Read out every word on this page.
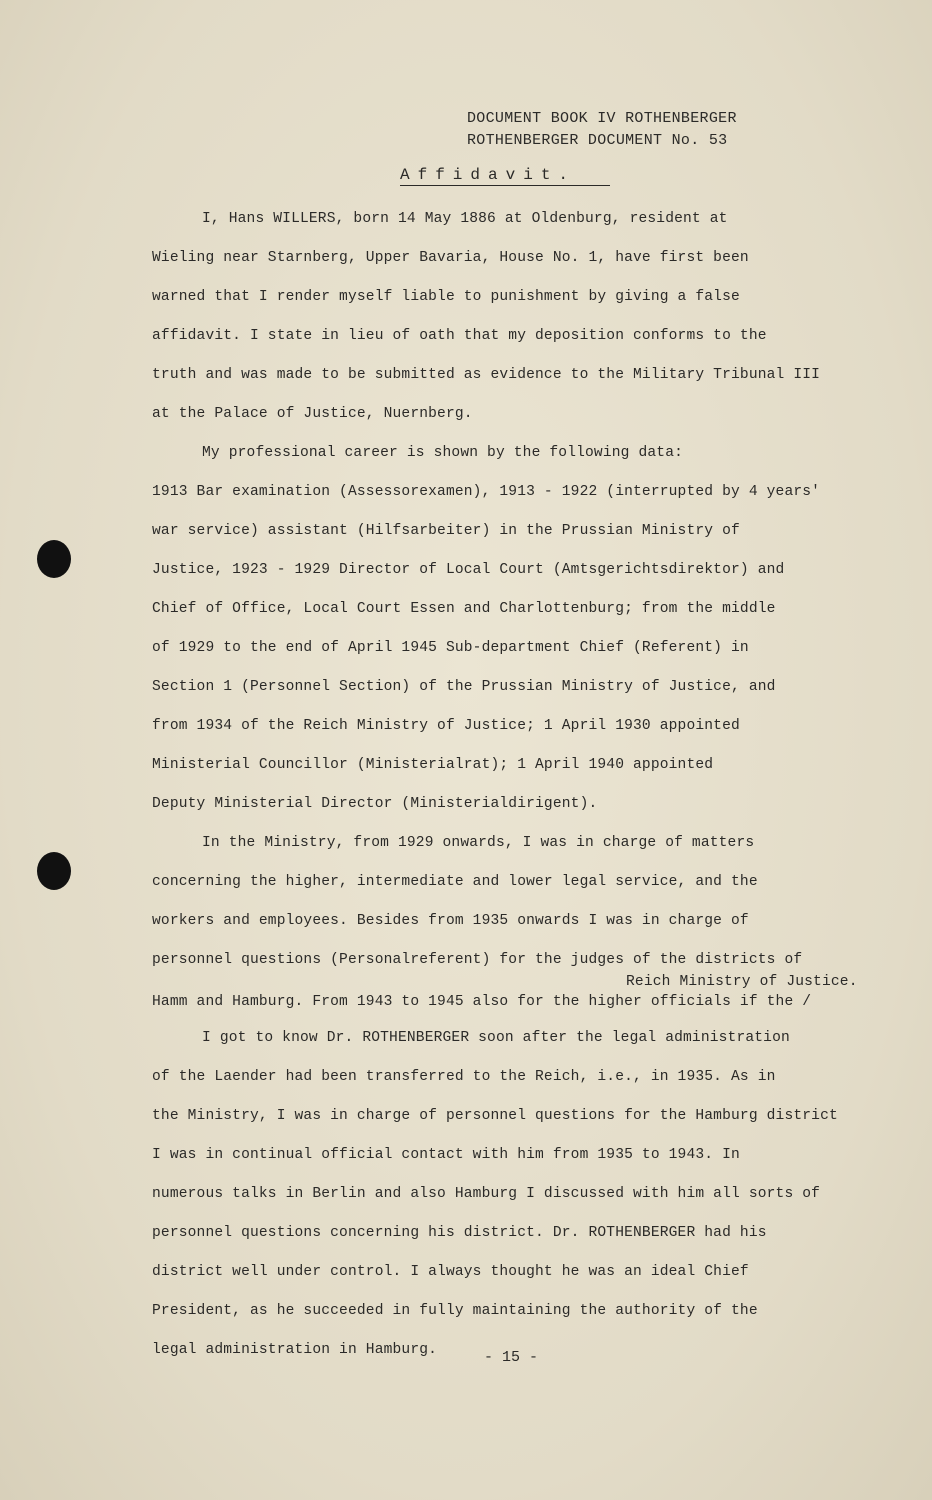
DOCUMENT BOOK IV ROTHENBERGER
ROTHENBERGER DOCUMENT No. 53
Affidavit.
I, Hans WILLERS, born 14 May 1886 at Oldenburg, resident at
Wieling near Starnberg, Upper Bavaria, House No. 1, have first been
warned that I render myself liable to punishment by giving a false
affidavit. I state in lieu of oath that my deposition conforms to the
truth and was made to be submitted as evidence to the Military Tribunal III
at the Palace of Justice, Nuernberg.
My professional career is shown by the following data:
1913 Bar examination (Assessorexamen), 1913 - 1922 (interrupted by 4 years'
war service) assistant (Hilfsarbeiter) in the Prussian Ministry of
Justice, 1923 - 1929 Director of Local Court (Amtsgerichtsdirektor) and
Chief of Office, Local Court Essen and Charlottenburg; from the middle
of 1929 to the end of April 1945 Sub-department Chief (Referent) in
Section 1 (Personnel Section) of the Prussian Ministry of Justice, and
from 1934 of the Reich Ministry of Justice; 1 April 1930 appointed
Ministerial Councillor (Ministerialrat); 1 April 1940 appointed
Deputy Ministerial Director (Ministerialdirigent).
In the Ministry, from 1929 onwards, I was in charge of matters
concerning the higher, intermediate and lower legal service, and the
workers and employees. Besides from 1935 onwards I was in charge of
personnel questions (Personalreferent) for the judges of the districts of
Reich Ministry of Justice.
Hamm and Hamburg. From 1943 to 1945 also for the higher officials if the /
I got to know Dr. ROTHENBERGER soon after the legal administration
of the Laender had been transferred to the Reich, i.e., in 1935. As in
the Ministry, I was in charge of personnel questions for the Hamburg district
I was in continual official contact with him from 1935 to 1943. In
numerous talks in Berlin and also Hamburg I discussed with him all sorts of
personnel questions concerning his district. Dr. ROTHENBERGER had his
district well under control. I always thought he was an ideal Chief
President, as he succeeded in fully maintaining the authority of the
legal administration in Hamburg.	- 15 -
